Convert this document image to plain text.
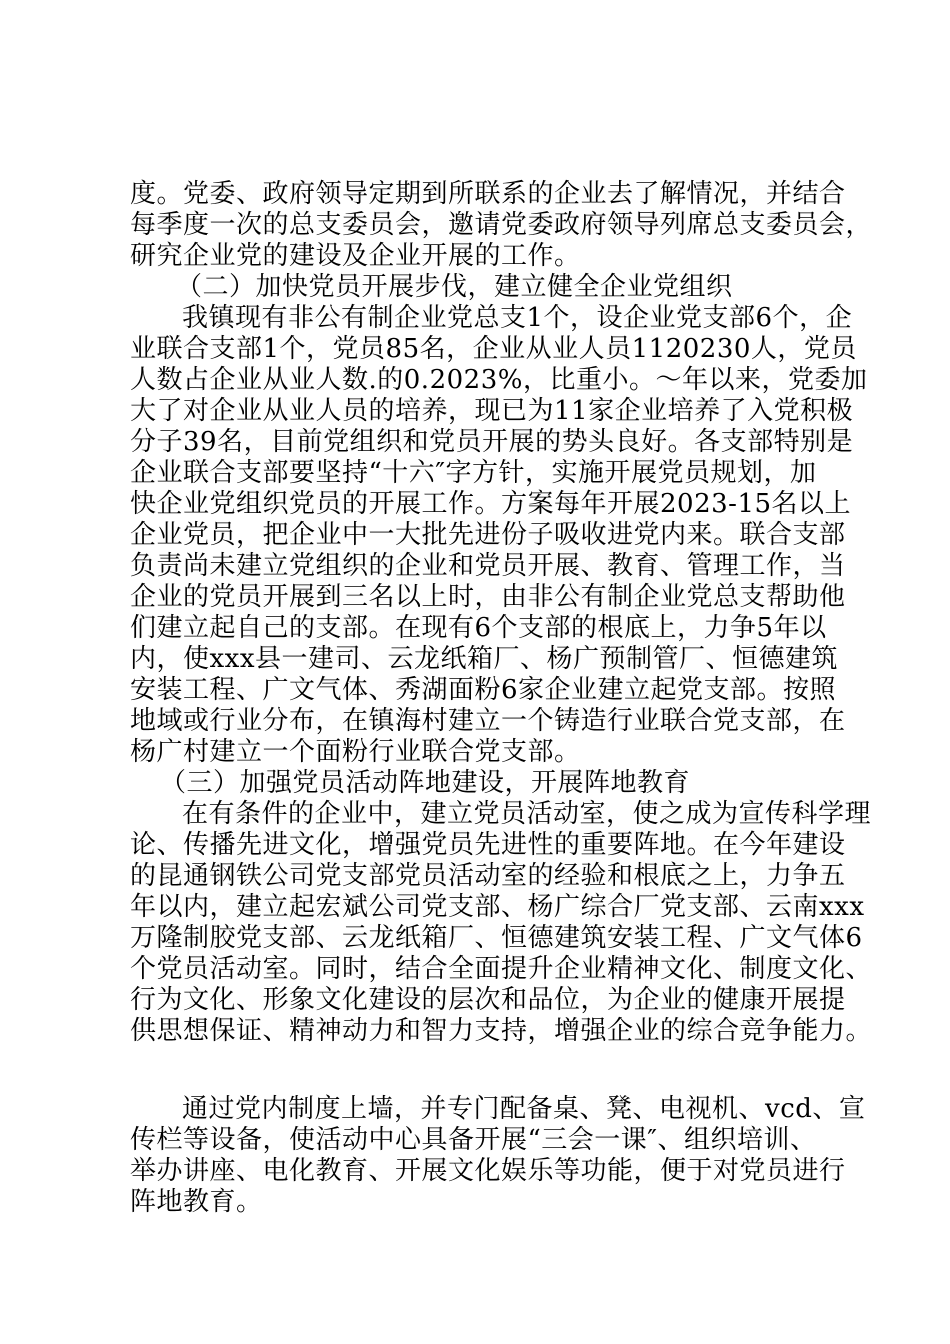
度。党委、政府领导定期到所联系的企业去了解情况，并结合
每季度一次的总支委员会，邀请党委政府领导列席总支委员会，
研究企业党的建设及企业开展的工作。
（二）加快党员开展步伐，建立健全企业党组织
我镇现有非公有制企业党总支1个，设企业党支部6个，企
业联合支部1个，党员85名，企业从业人员1120230人，党员
人数占企业从业人数.的0.2023%，比重小。～年以来，党委加
大了对企业从业人员的培养，现已为11家企业培养了入党积极
分子39名，目前党组织和党员开展的势头良好。各支部特别是
企业联合支部要坚持“十六″字方针，实施开展党员规划，加
快企业党组织党员的开展工作。方案每年开展2023-15名以上
企业党员，把企业中一大批先进份子吸收进党内来。联合支部
负责尚未建立党组织的企业和党员开展、教育、管理工作，当
企业的党员开展到三名以上时，由非公有制企业党总支帮助他
们建立起自己的支部。在现有6个支部的根底上，力争5年以
内，使xxx县一建司、云龙纸箱厂、杨广预制管厂、恒德建筑
安装工程、广文气体、秀湖面粉6家企业建立起党支部。按照
地域或行业分布，在镇海村建立一个铸造行业联合党支部，在
杨广村建立一个面粉行业联合党支部。
（三）加强党员活动阵地建设，开展阵地教育
在有条件的企业中，建立党员活动室，使之成为宣传科学理
论、传播先进文化，增强党员先进性的重要阵地。在今年建设
的昆通钢铁公司党支部党员活动室的经验和根底之上，力争五
年以内，建立起宏斌公司党支部、杨广综合厂党支部、云南xxx
万隆制胶党支部、云龙纸箱厂、恒德建筑安装工程、广文气体6
个党员活动室。同时，结合全面提升企业精神文化、制度文化、
行为文化、形象文化建设的层次和品位，为企业的健康开展提
供思想保证、精神动力和智力支持，增强企业的综合竞争能力。
通过党内制度上墙，并专门配备桌、凳、电视机、vcd、宣
传栏等设备，使活动中心具备开展“三会一课″、组织培训、
举办讲座、电化教育、开展文化娱乐等功能，便于对党员进行
阵地教育。
